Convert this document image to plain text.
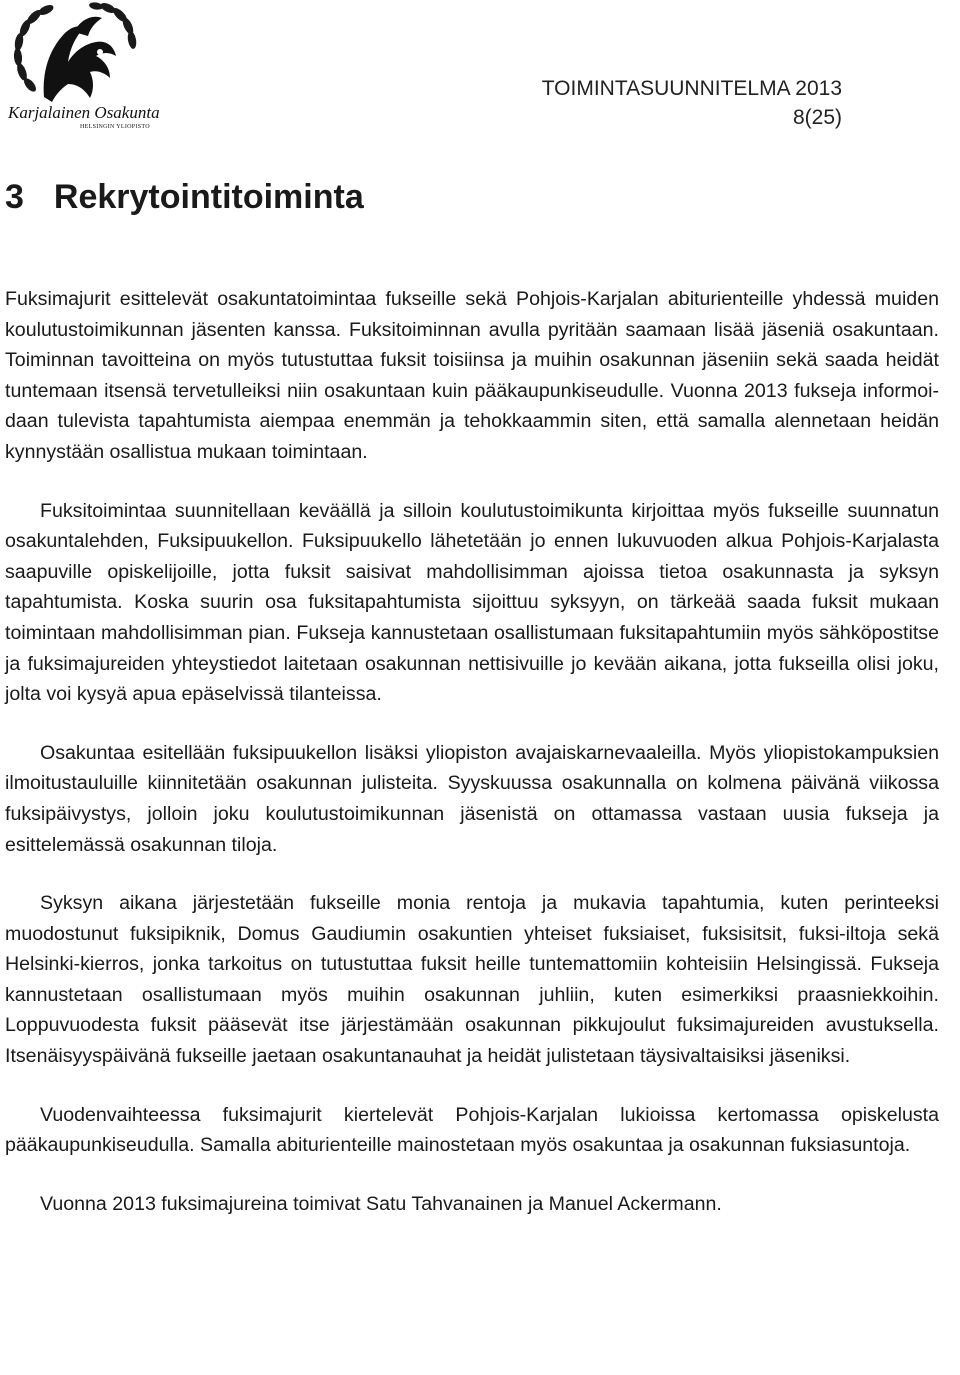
Karjalainen Osakunta
HELSINGIN YLIOPISTO
TOIMINTASUUNNITELMA 2013
8(25)
3 Rekrytointitoiminta

Fuksimajurit esittelevät osakuntatoimintaa fukseille sekä Pohjois-Karjalan abiturienteille yhdessä muiden koulutustoimikunnan jäsenten kanssa. Fuksitoiminnan avulla pyritään saamaan lisää jäseniä osakuntaan. Toiminnan tavoitteina on myös tutustuttaa fuksit toisiinsa ja muihin osakunnan jäseniin sekä saada heidät tuntemaan itsensä tervetulleiksi niin osakuntaan kuin pääkaupunkiseudulle. Vuonna 2013 fukseja informoidaan tulevista tapahtumista aiempaa enemmän ja tehokkaammin siten, että samalla alennetaan heidän kynnystään osallistua mukaan toimintaan.

Fuksitoimintaa suunnitellaan keväällä ja silloin koulutustoimikunta kirjoittaa myös fukseille suunnatun osakuntalehden, Fuksipuukellon. Fuksipuukello lähetetään jo ennen lukuvuoden alkua Pohjois-Karjalasta saapuville opiskelijoille, jotta fuksit saisivat mahdollisimman ajoissa tietoa osakunnasta ja syksyn tapahtumista. Koska suurin osa fuksitapahtumista sijoittuu syksyyn, on tärkeää saada fuksit mukaan toimintaan mahdollisimman pian. Fukseja kannustetaan osallistumaan fuksitapahtumiin myös sähköpostitse ja fuksimajureiden yhteystiedot laitetaan osakunnan nettisivuille jo kevään aikana, jotta fukseilla olisi joku, jolta voi kysyä apua epäselvissä tilanteissa.

Osakuntaa esitellään fuksipuukellon lisäksi yliopiston avajaiskarnevaaleilla. Myös yliopistokampuksien ilmoitustauluille kiinnitetään osakunnan julisteita. Syyskuussa osakunnalla on kolmena päivänä viikossa fuksipäivystys, jolloin joku koulutustoimikunnan jäsenistä on ottamassa vastaan uusia fukseja ja esittelemässä osakunnan tiloja.

Syksyn aikana järjestetään fukseille monia rentoja ja mukavia tapahtumia, kuten perinteeksi muodostunut fuksipiknik, Domus Gaudiumin osakuntien yhteiset fuksiaiset, fuksisitsit, fuksi-iltoja sekä Helsinki-kierros, jonka tarkoitus on tutustuttaa fuksit heille tuntemattomiin kohteisiin Helsingissä. Fukseja kannustetaan osallistumaan myös muihin osakunnan juhliin, kuten esimerkiksi praasniekkoihin. Loppuvuodesta fuksit pääsevät itse järjestämään osakunnan pikkujoulut fuksimajureiden avustuksella. Itsenäisyyspäivänä fukseille jaetaan osakuntanauhat ja heidät julistetaan täysivaltaisiksi jäseniksi.

Vuodenvaihteessa fuksimajurit kiertelevät Pohjois-Karjalan lukioissa kertomassa opiskelusta pääkaupunkiseudulla. Samalla abiturienteille mainostetaan myös osakuntaa ja osakunnan fuksiasuntoja.

Vuonna 2013 fuksimajureina toimivat Satu Tahvanainen ja Manuel Ackermann.
